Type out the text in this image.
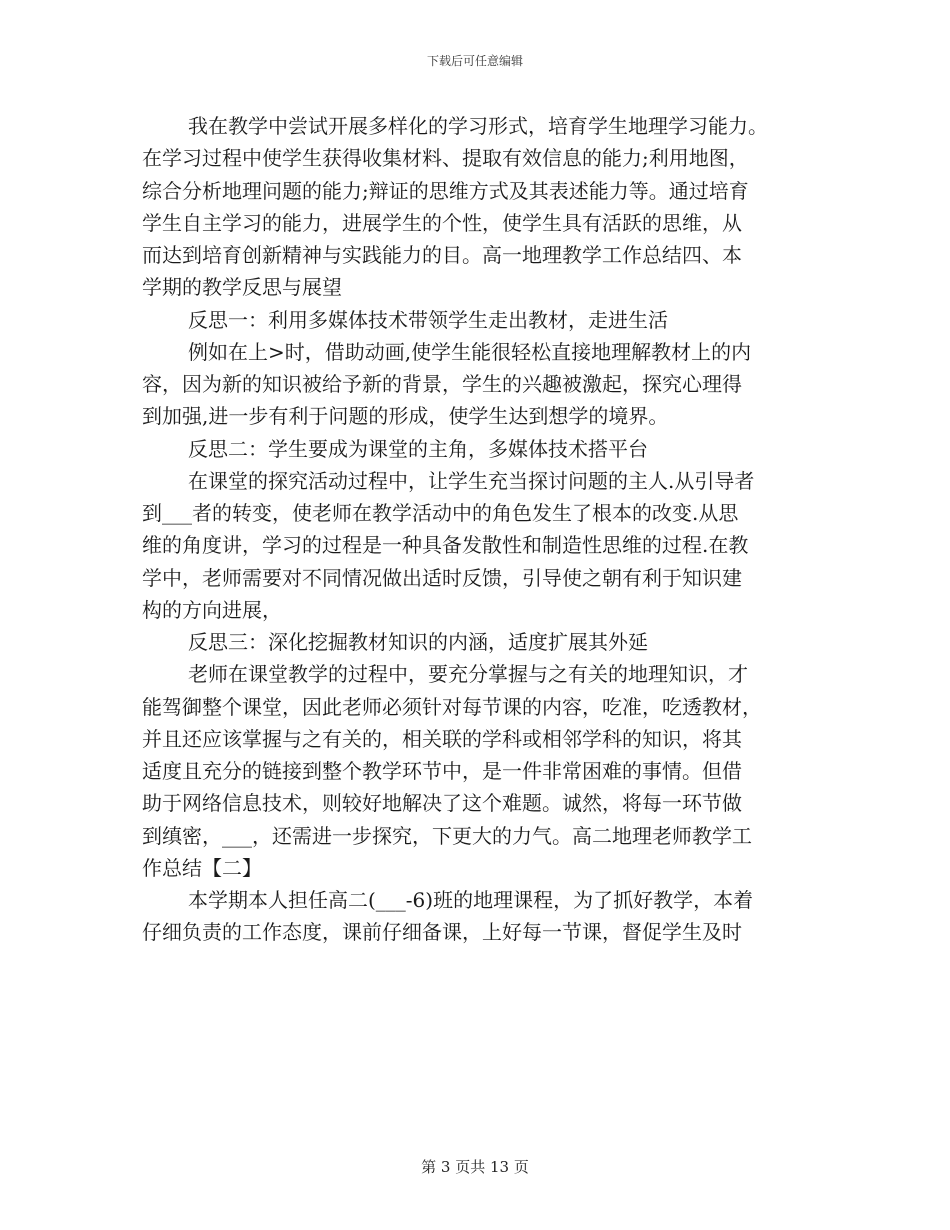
下载后可任意编辑
我在教学中尝试开展多样化的学习形式，培育学生地理学习能力。
在学习过程中使学生获得收集材料、提取有效信息的能力;利用地图，
综合分析地理问题的能力;辩证的思维方式及其表述能力等。通过培育
学生自主学习的能力，进展学生的个性，使学生具有活跃的思维，从
而达到培育创新精神与实践能力的目。高一地理教学工作总结四、本
学期的教学反思与展望
反思一：利用多媒体技术带领学生走出教材，走进生活
例如在上>时，借助动画,使学生能很轻松直接地理解教材上的内
容，因为新的知识被给予新的背景，学生的兴趣被激起，探究心理得
到加强,进一步有利于问题的形成，使学生达到想学的境界。
反思二：学生要成为课堂的主角，多媒体技术搭平台
在课堂的探究活动过程中，让学生充当探讨问题的主人.从引导者
到___者的转变，使老师在教学活动中的角色发生了根本的改变.从思
维的角度讲，学习的过程是一种具备发散性和制造性思维的过程.在教
学中，老师需要对不同情况做出适时反馈，引导使之朝有利于知识建
构的方向进展，
反思三：深化挖掘教材知识的内涵，适度扩展其外延
老师在课堂教学的过程中，要充分掌握与之有关的地理知识，才
能驾御整个课堂，因此老师必须针对每节课的内容，吃准，吃透教材，
并且还应该掌握与之有关的，相关联的学科或相邻学科的知识，将其
适度且充分的链接到整个教学环节中，是一件非常困难的事情。但借
助于网络信息技术，则较好地解决了这个难题。诚然，将每一环节做
到缜密，___，还需进一步探究，下更大的力气。高二地理老师教学工
作总结【二】
本学期本人担任高二(___-6)班的地理课程，为了抓好教学，本着
仔细负责的工作态度，课前仔细备课，上好每一节课，督促学生及时
第 3 页共 13 页
